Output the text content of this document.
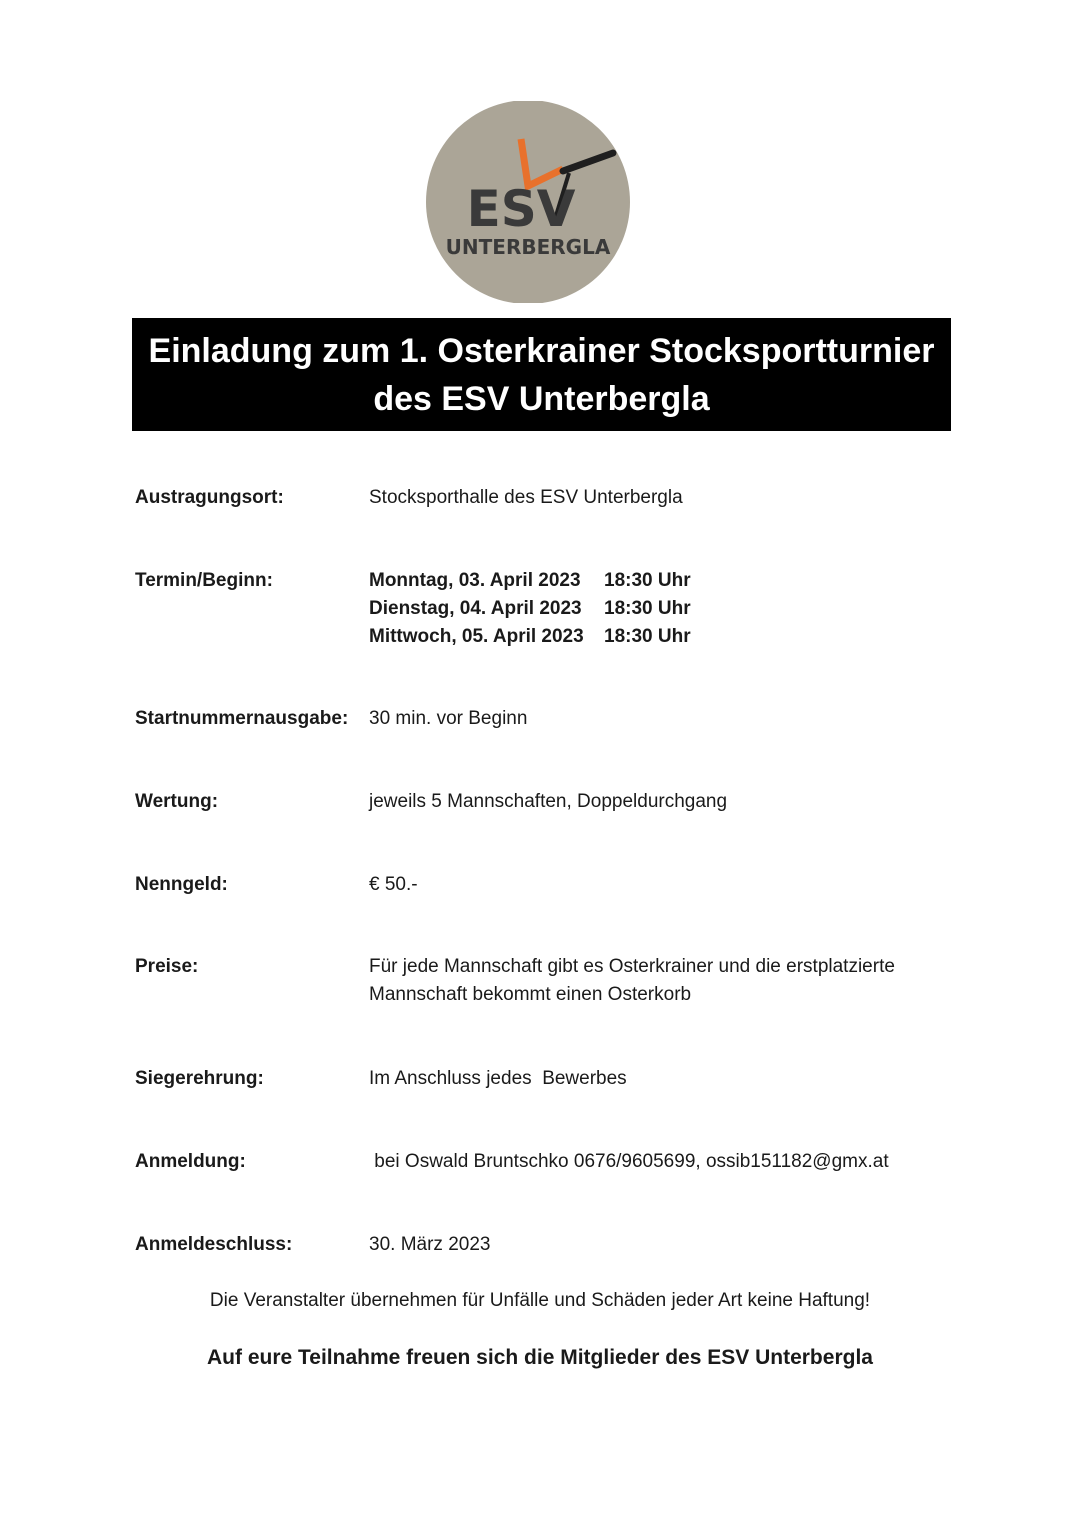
ESV
UNTERBERGLA
Einladung zum 1. Osterkrainer Stocksportturnier
des ESV Unterbergla
Austragungsort:	Stocksporthalle des ESV Unterbergla
Termin/Beginn:	Monntag, 03. April 2023 18:30 Uhr
Dienstag, 04. April 2023 18:30 Uhr
Mittwoch, 05. April 2023 18:30 Uhr
Startnummernausgabe: 30 min. vor Beginn
Wertung:	jeweils 5 Mannschaften, Doppeldurchgang
Nenngeld:	€ 50.-
Preise:	Für jede Mannschaft gibt es Osterkrainer und die erstplatzierte
Mannschaft bekommt einen Osterkorb
Siegerehrung:	Im Anschluss jedes  Bewerbes
Anmeldung:	bei Oswald Bruntschko 0676/9605699, ossib151182@gmx.at
Anmeldeschluss:	30. März 2023
Die Veranstalter übernehmen für Unfälle und Schäden jeder Art keine Haftung!
Auf eure Teilnahme freuen sich die Mitglieder des ESV Unterbergla
